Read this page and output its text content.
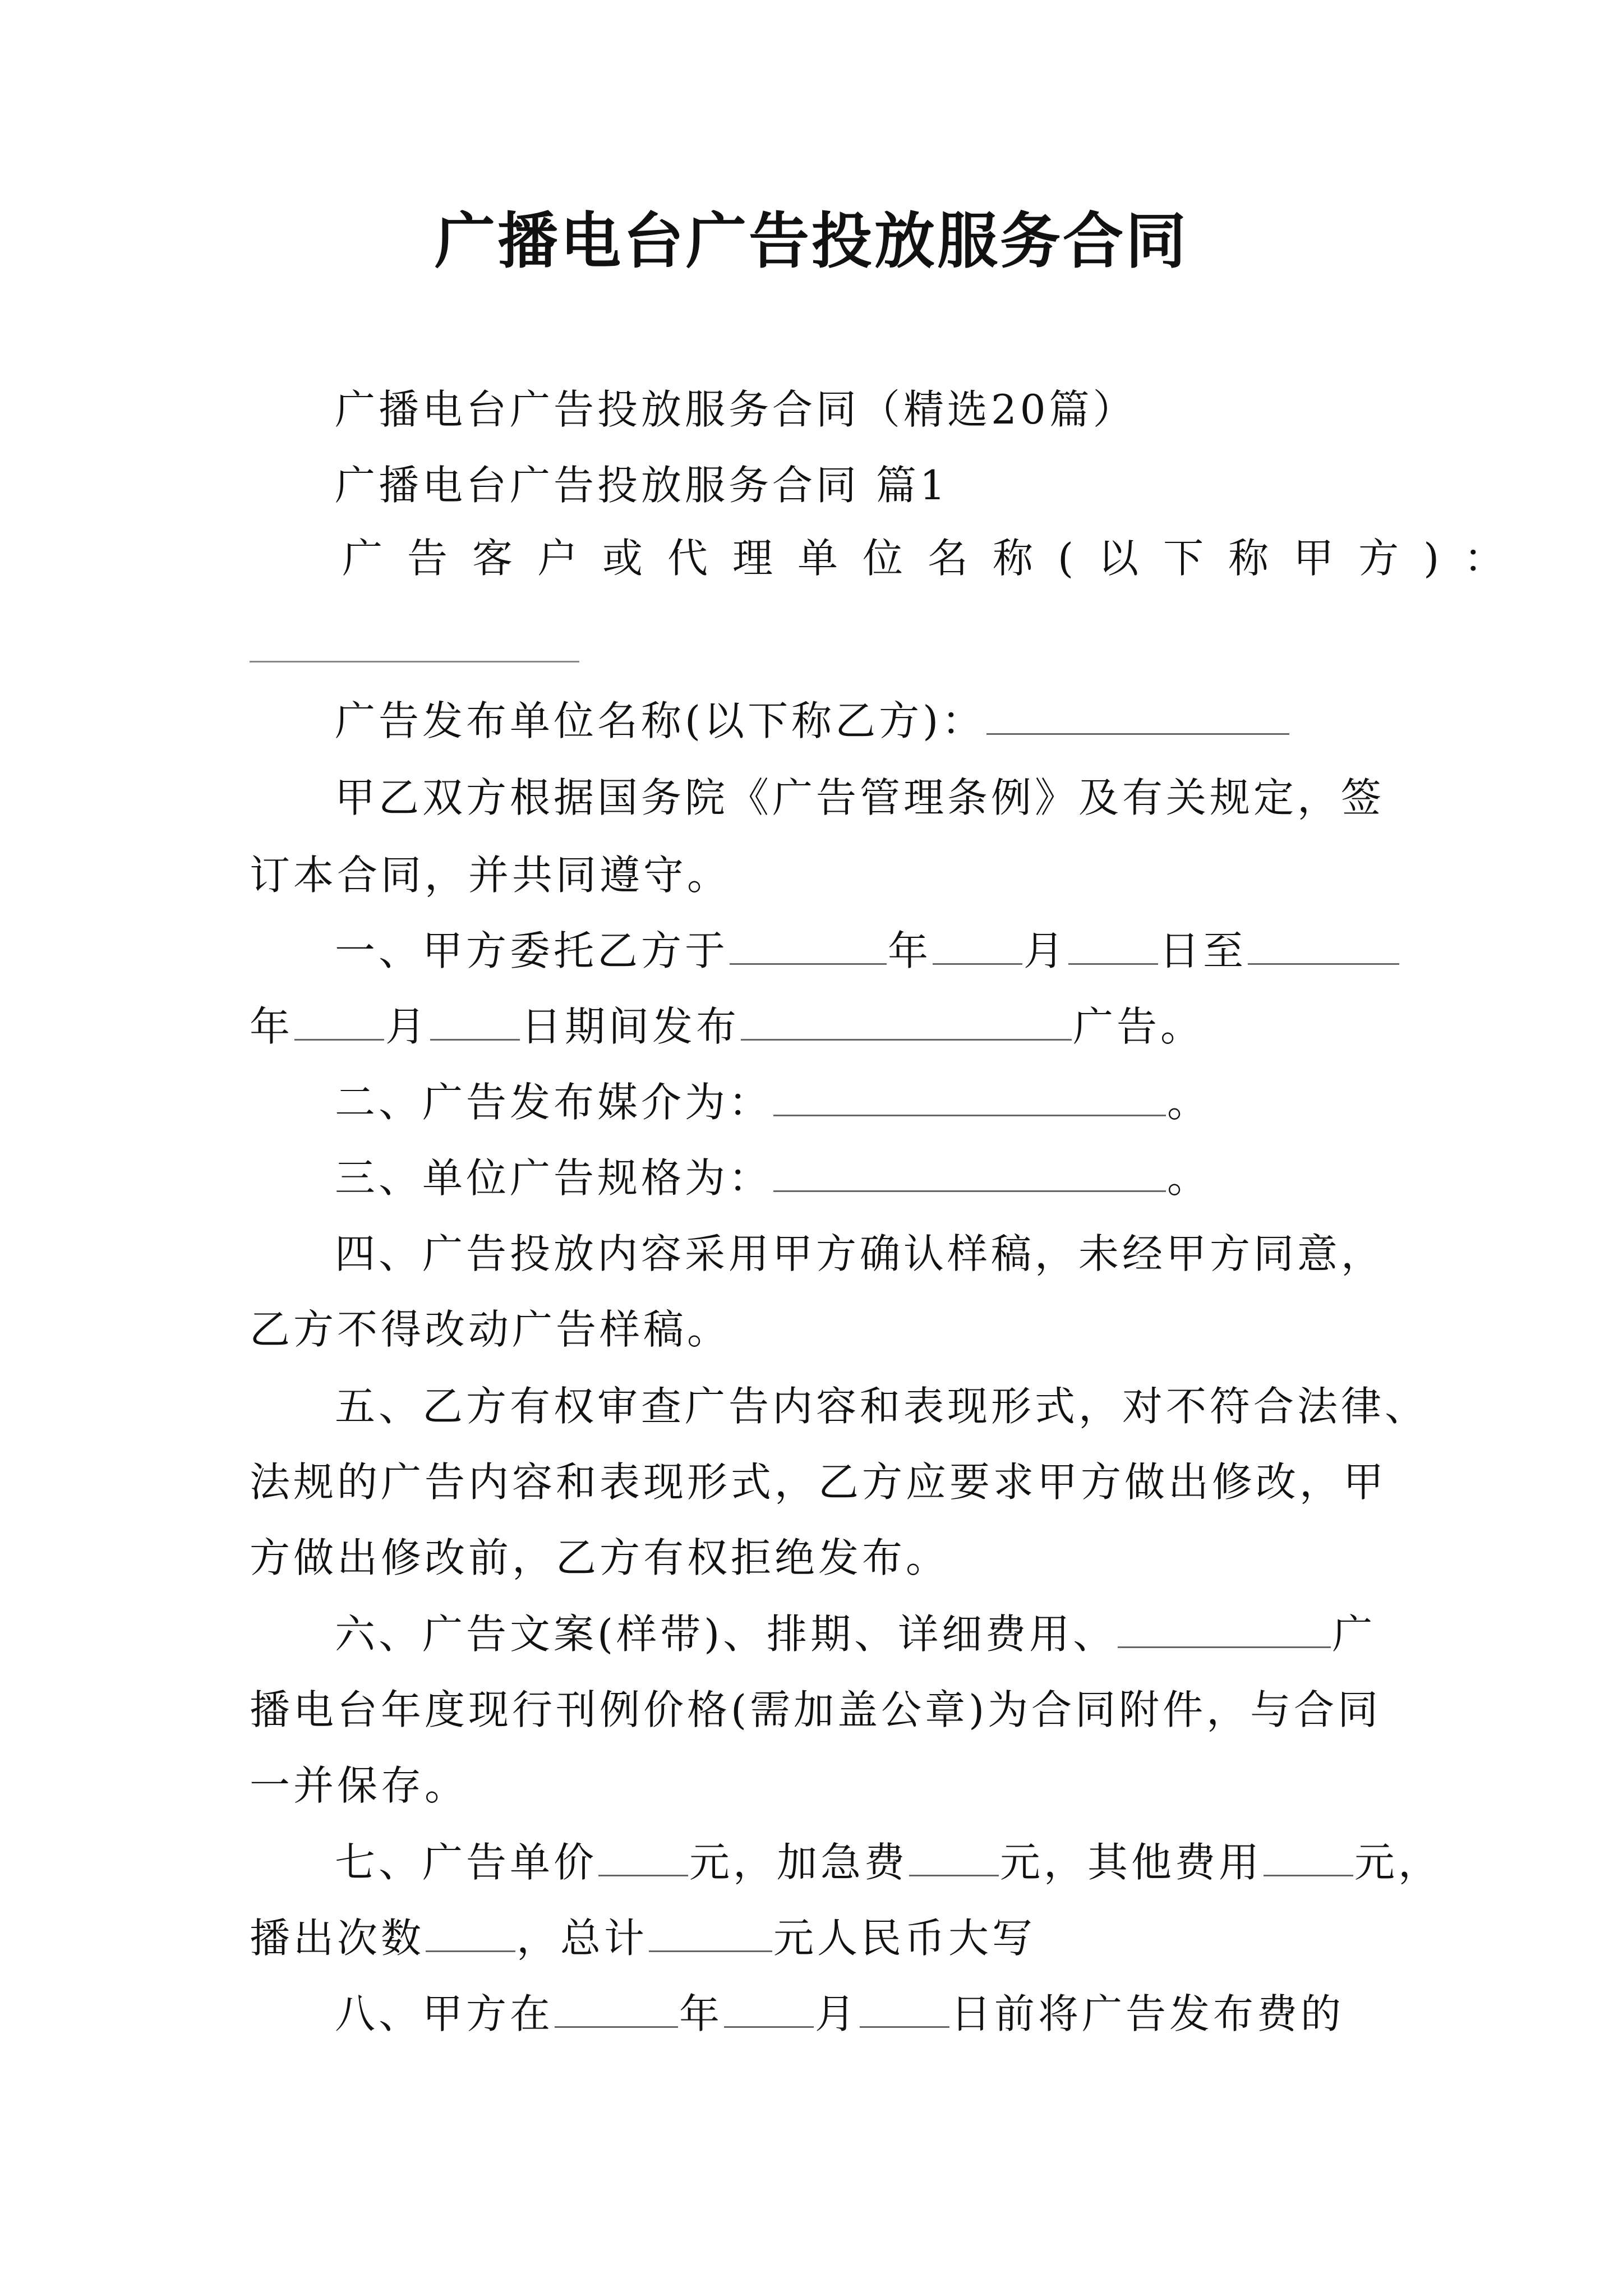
广播电台广告投放服务合同
广播电台广告投放服务合同（精选20篇）
广播电台广告投放服务合同 篇1
广告客户或代理单位名称(以下称甲方)：
广告发布单位名称(以下称乙方)：
甲乙双方根据国务院《广告管理条例》及有关规定，签
订本合同，并共同遵守。
一、甲方委托乙方于	年 月 日至
年 月 日期间发布	广告。
二、广告发布媒介为：	。
三、单位广告规格为：	。
四、广告投放内容采用甲方确认样稿，未经甲方同意，
乙方不得改动广告样稿。
五、乙方有权审查广告内容和表现形式，对不符合法律、
法规的广告内容和表现形式，乙方应要求甲方做出修改，甲
方做出修改前，乙方有权拒绝发布。
六、广告文案(样带)、排期、详细费用、	广
播电台年度现行刊例价格(需加盖公章)为合同附件，与合同
一并保存。
七、广告单价 元，加急费 元，其他费用 元，
播出次数 ，总计	元人民币大写
八、甲方在	年 月 日前将广告发布费的
